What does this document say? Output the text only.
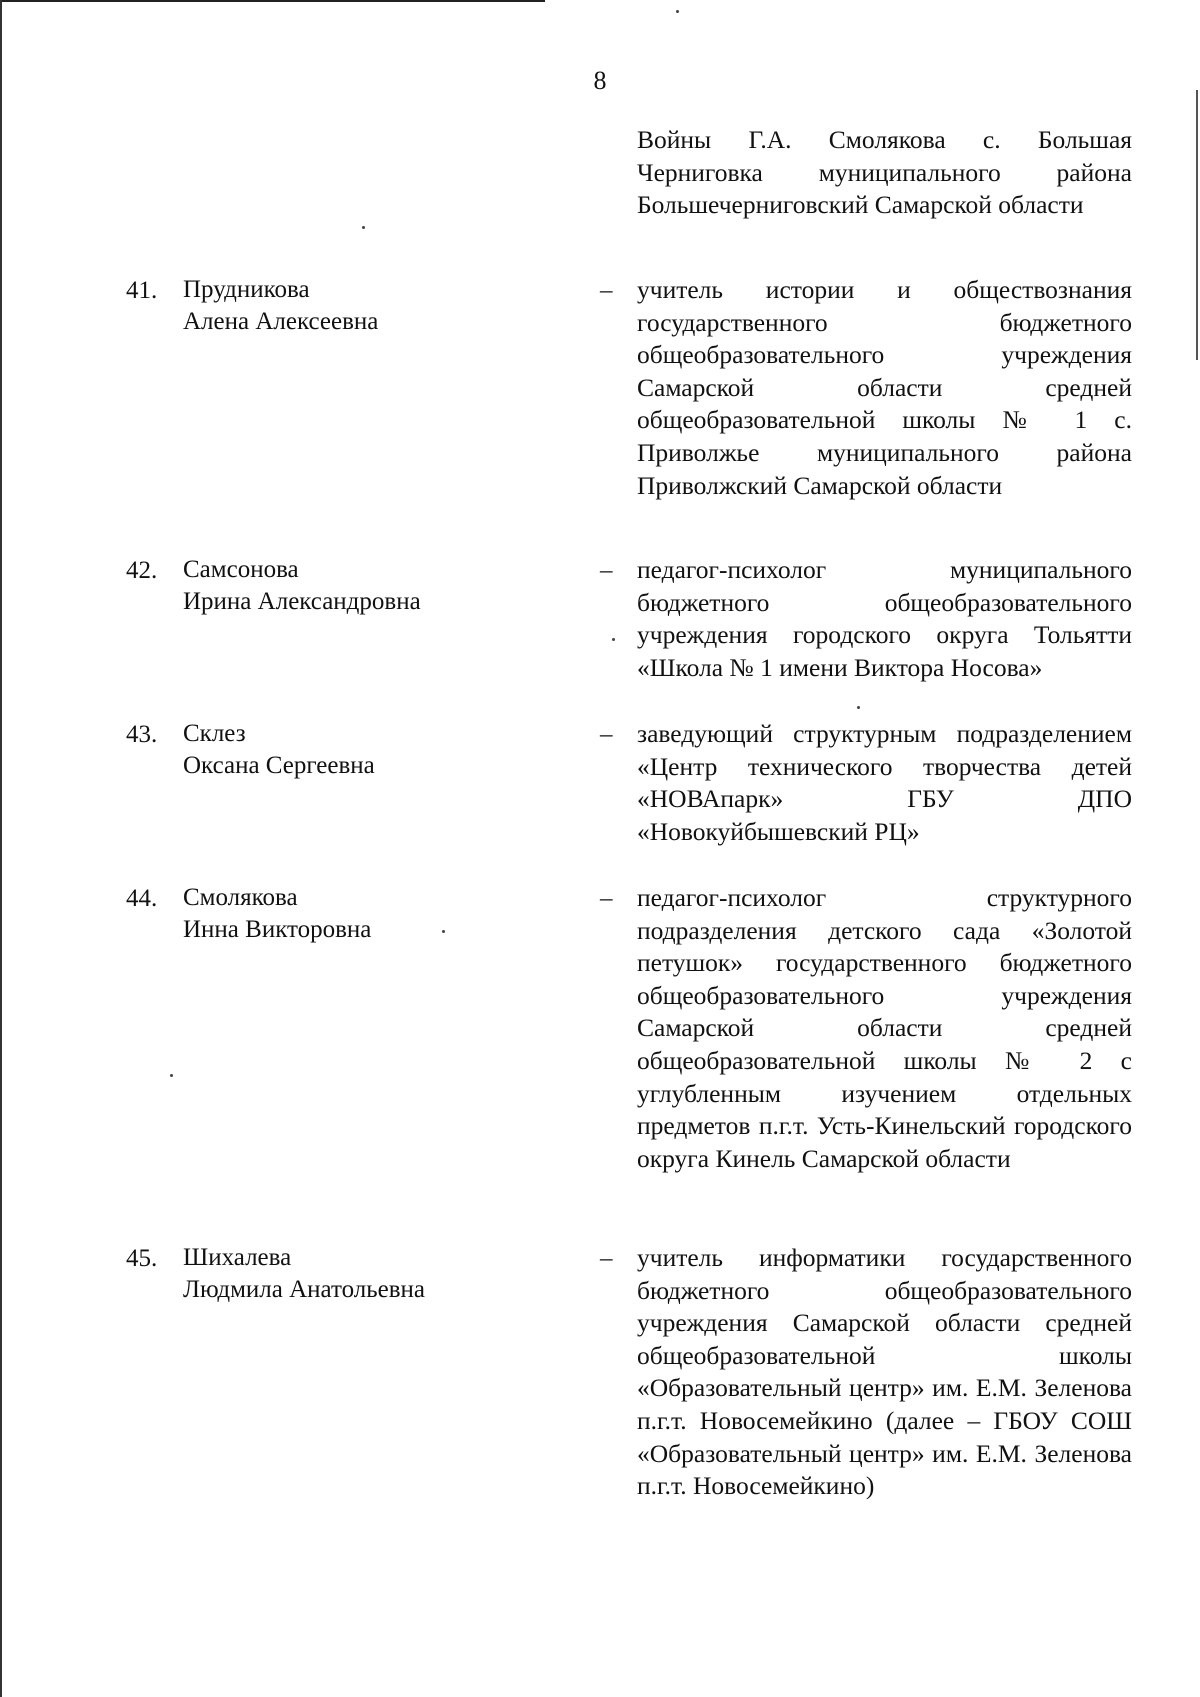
8
Войны Г.А. Смолякова с. Большая Черниговка муниципального района Большечерниговский Самарской области
41.	Прудникова
Алена Алексеевна
– учитель истории и обществознания государственного бюджетного общеобразовательного учреждения Самарской области средней общеобразовательной школы № 1 с. Приволжье муниципального района Приволжский Самарской области
42.	Самсонова
Ирина Александровна
– педагог-психолог муниципального бюджетного общеобразовательного учреждения городского округа Тольятти «Школа № 1 имени Виктора Носова»
43.	Склез
Оксана Сергеевна
– заведующий структурным подразделением «Центр технического творчества детей «НОВАпарк» ГБУ ДПО «Новокуйбышевский РЦ»
44.	Смолякова
Инна Викторовна
– педагог-психолог структурного подразделения детского сада «Золотой петушок» государственного бюджетного общеобразовательного учреждения Самарской области средней общеобразовательной школы № 2 с углубленным изучением отдельных предметов п.г.т. Усть-Кинельский городского округа Кинель Самарской области
45.	Шихалева
Людмила Анатольевна
– учитель информатики государственного бюджетного общеобразовательного учреждения Самарской области средней общеобразовательной школы «Образовательный центр» им. Е.М. Зеленова п.г.т. Новосемейкино (далее – ГБОУ СОШ «Образовательный центр» им. Е.М. Зеленова п.г.т. Новосемейкино)
